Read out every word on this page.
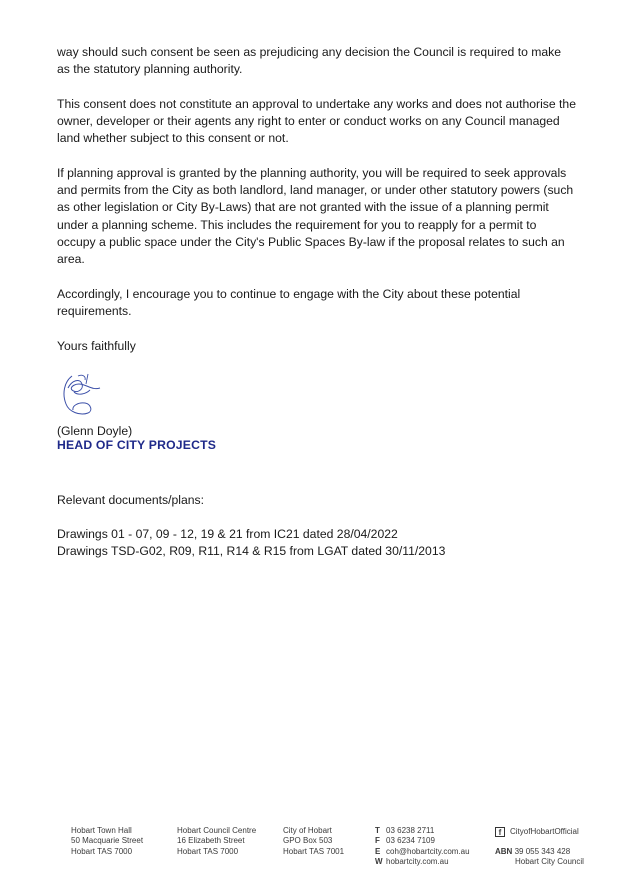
way should such consent be seen as prejudicing any decision the Council is required to make as the statutory planning authority.

This consent does not constitute an approval to undertake any works and does not authorise the owner, developer or their agents any right to enter or conduct works on any Council managed land whether subject to this consent or not.

If planning approval is granted by the planning authority, you will be required to seek approvals and permits from the City as both landlord, land manager, or under other statutory powers (such as other legislation or City By-Laws) that are not granted with the issue of a planning permit under a planning scheme. This includes the requirement for you to reapply for a permit to occupy a public space under the City's Public Spaces By-law if the proposal relates to such an area.

Accordingly, I encourage you to continue to engage with the City about these potential requirements.

Yours faithfully

(Glenn Doyle)

HEAD OF CITY PROJECTS

Relevant documents/plans:

Drawings 01 - 07, 09 - 12, 19 & 21 from IC21 dated 28/04/2022

Drawings TSD-G02, R09, R11, R14 & R15 from LGAT dated 30/11/2013

Hobart Town Hall
50 Macquarie Street
Hobart TAS 7000
Hobart Council Centre
16 Elizabeth Street
Hobart TAS 7000
City of Hobart
GPO Box 503
Hobart TAS 7001
T 03 6238 2711
F 03 6234 7109
E coh@hobartcity.com.au
W hobartcity.com.au
f	CityofHobartOfficial
ABN 39 055 343 428
Hobart City Council
